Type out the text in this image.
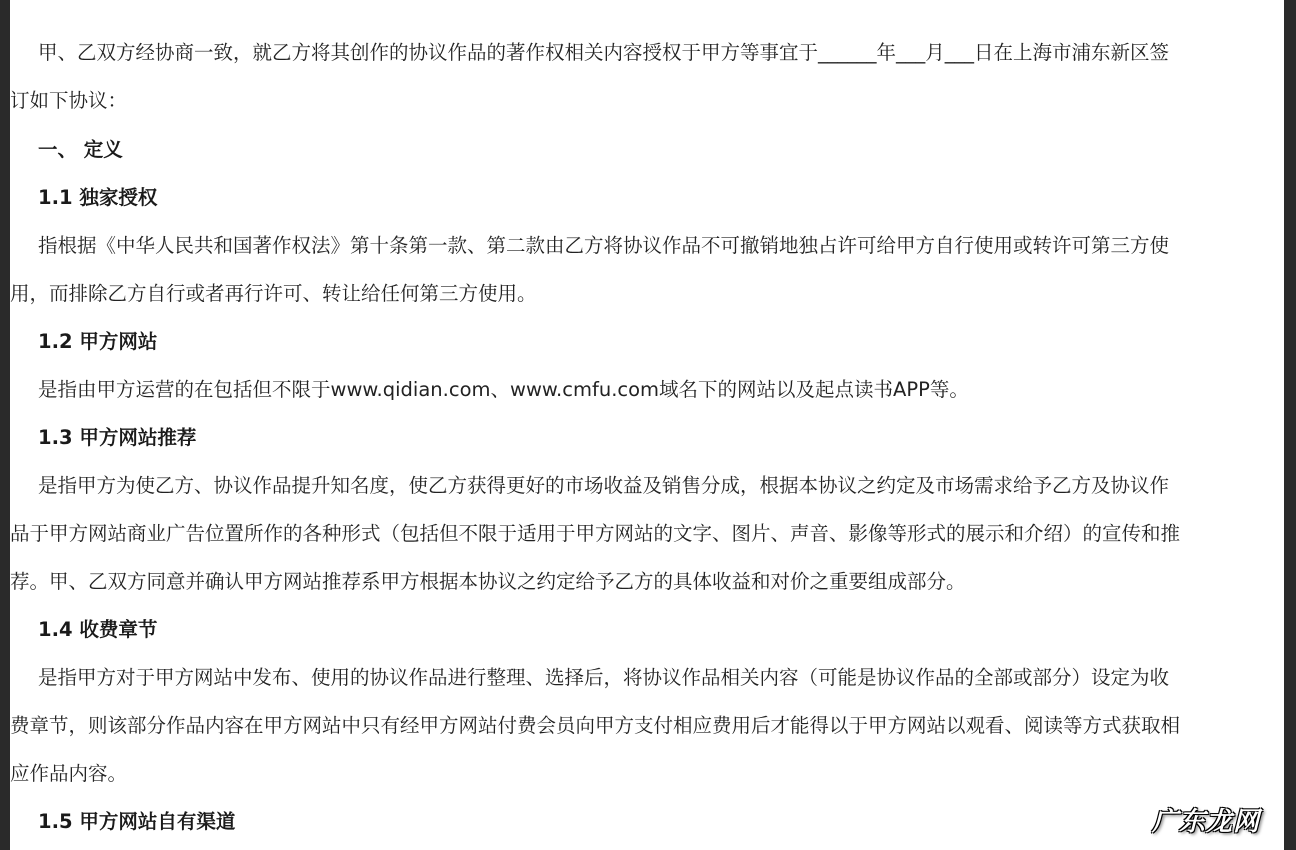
甲、乙双方经协商一致，就乙方将其创作的协议作品的著作权相关内容授权于甲方等事宜于______年___月___日在上海市浦东新区签
订如下协议：
一、 定义
1.1 独家授权
指根据《中华人民共和国著作权法》第十条第一款、第二款由乙方将协议作品不可撤销地独占许可给甲方自行使用或转许可第三方使
用，而排除乙方自行或者再行许可、转让给任何第三方使用。
1.2 甲方网站
是指由甲方运营的在包括但不限于www.qidian.com、www.cmfu.com域名下的网站以及起点读书APP等。
1.3 甲方网站推荐
是指甲方为使乙方、协议作品提升知名度，使乙方获得更好的市场收益及销售分成，根据本协议之约定及市场需求给予乙方及协议作
品于甲方网站商业广告位置所作的各种形式（包括但不限于适用于甲方网站的文字、图片、声音、影像等形式的展示和介绍）的宣传和推
荐。甲、乙双方同意并确认甲方网站推荐系甲方根据本协议之约定给予乙方的具体收益和对价之重要组成部分。
1.4 收费章节
是指甲方对于甲方网站中发布、使用的协议作品进行整理、选择后，将协议作品相关内容（可能是协议作品的全部或部分）设定为收
费章节，则该部分作品内容在甲方网站中只有经甲方网站付费会员向甲方支付相应费用后才能得以于甲方网站以观看、阅读等方式获取相
应作品内容。
1.5 甲方网站自有渠道	广东龙网
